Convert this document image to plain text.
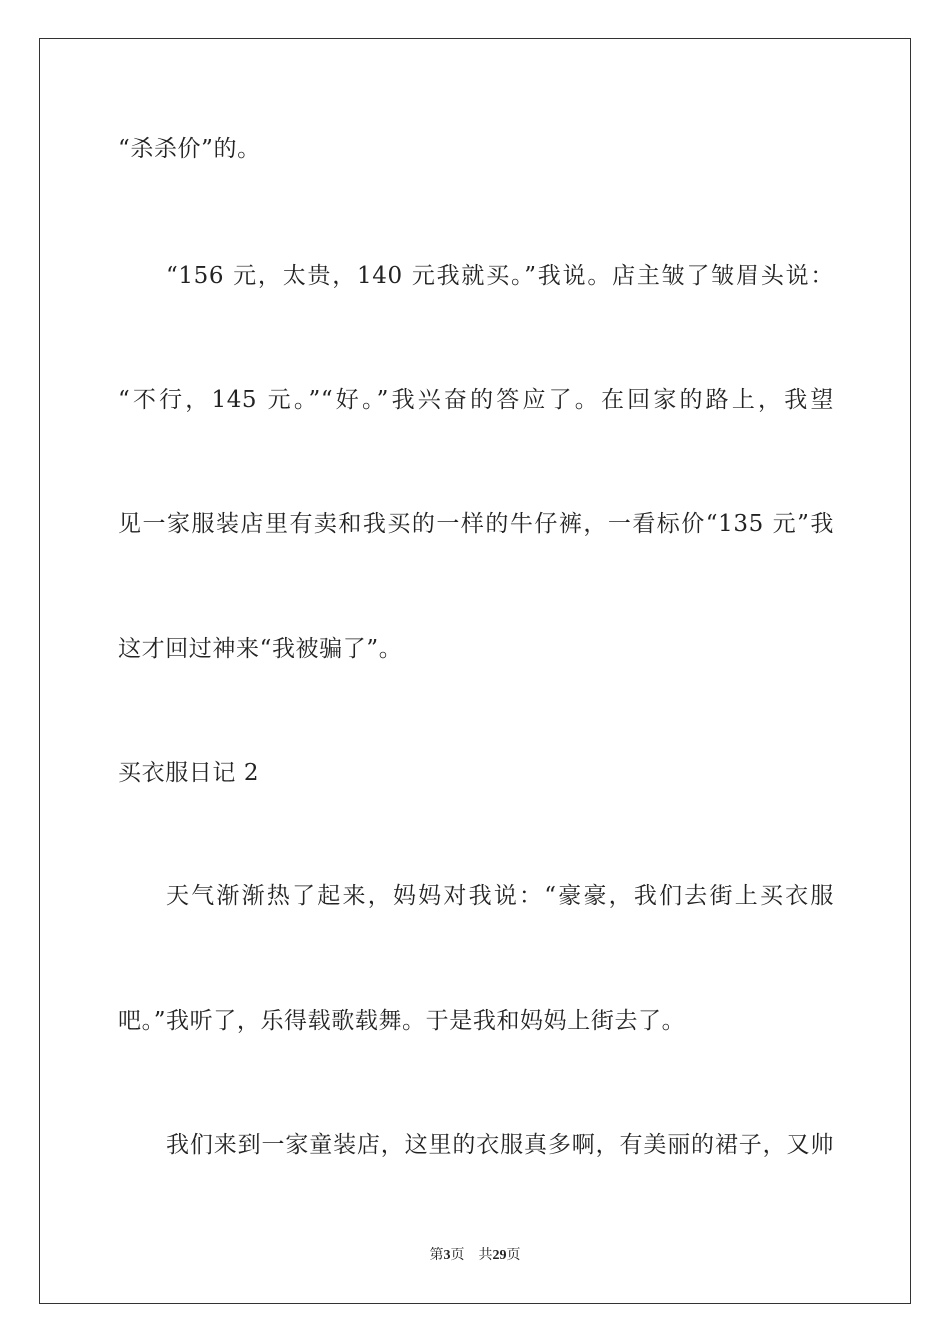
“杀杀价”的。
“156 元，太贵，140 元我就买。”我说。店主皱了皱眉头说：
“不行，145 元。”“好。”我兴奋的答应了。在回家的路上，我望
见一家服装店里有卖和我买的一样的牛仔裤，一看标价“135 元”我
这才回过神来“我被骗了”。
买衣服日记 2
天气渐渐热了起来，妈妈对我说：“豪豪，我们去街上买衣服
吧。”我听了，乐得载歌载舞。于是我和妈妈上街去了。
我们来到一家童装店，这里的衣服真多啊，有美丽的裙子，又帅
第3页 共29页
